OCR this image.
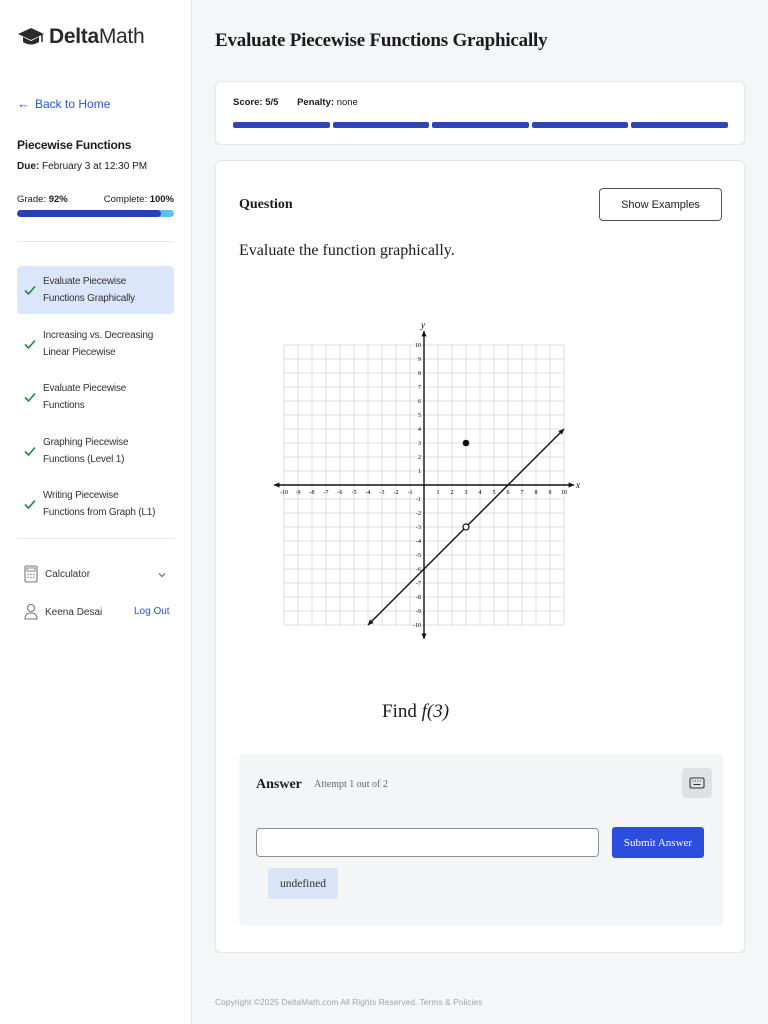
DeltaMath
← Back to Home
Piecewise Functions
Due: February 3 at 12:30 PM
Grade: 92%	Complete: 100%
Evaluate Piecewise
Functions Graphically
Increasing vs. Decreasing
Linear Piecewise
Evaluate Piecewise
Functions
Graphing Piecewise
Functions (Level 1)
Writing Piecewise
Functions from Graph (L1)
Calculator
Keena Desai	Log Out
Evaluate Piecewise Functions Graphically
Score: 5/5 Penalty: none
Question	Show Examples
Evaluate the function graphically.
x
y
-10
-10
-9
-9
-8
-8
-7
-7
-6
-6
-5
-5
-4
-4
-3
-3
-2
-2
-1
-1
1
1
2
2
3
3
4
4
5
5
6
6
7
7
8
8
9
9
10
10
Find f(3)
Answer Attempt 1 out of 2
Submit Answer
undefined
Copyright ©2025 DeltaMath.com All Rights Reserved. Terms & Policies
